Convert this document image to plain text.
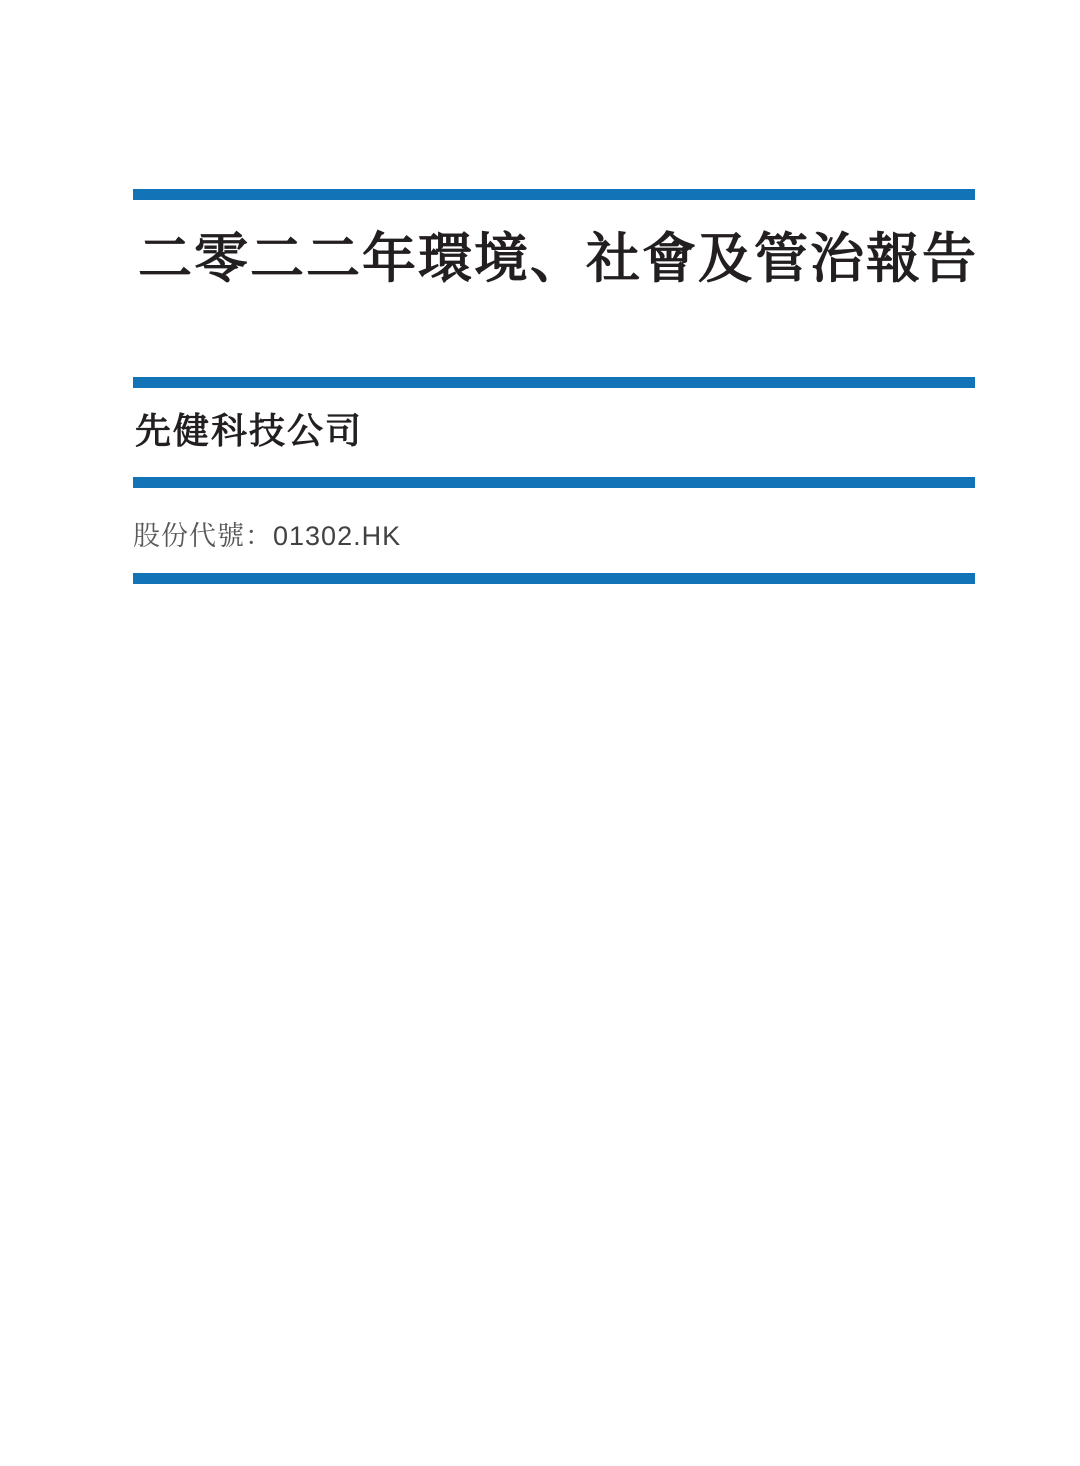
二零二二年環境、社會及管治報告
先健科技公司

股份代號：01302.HK
